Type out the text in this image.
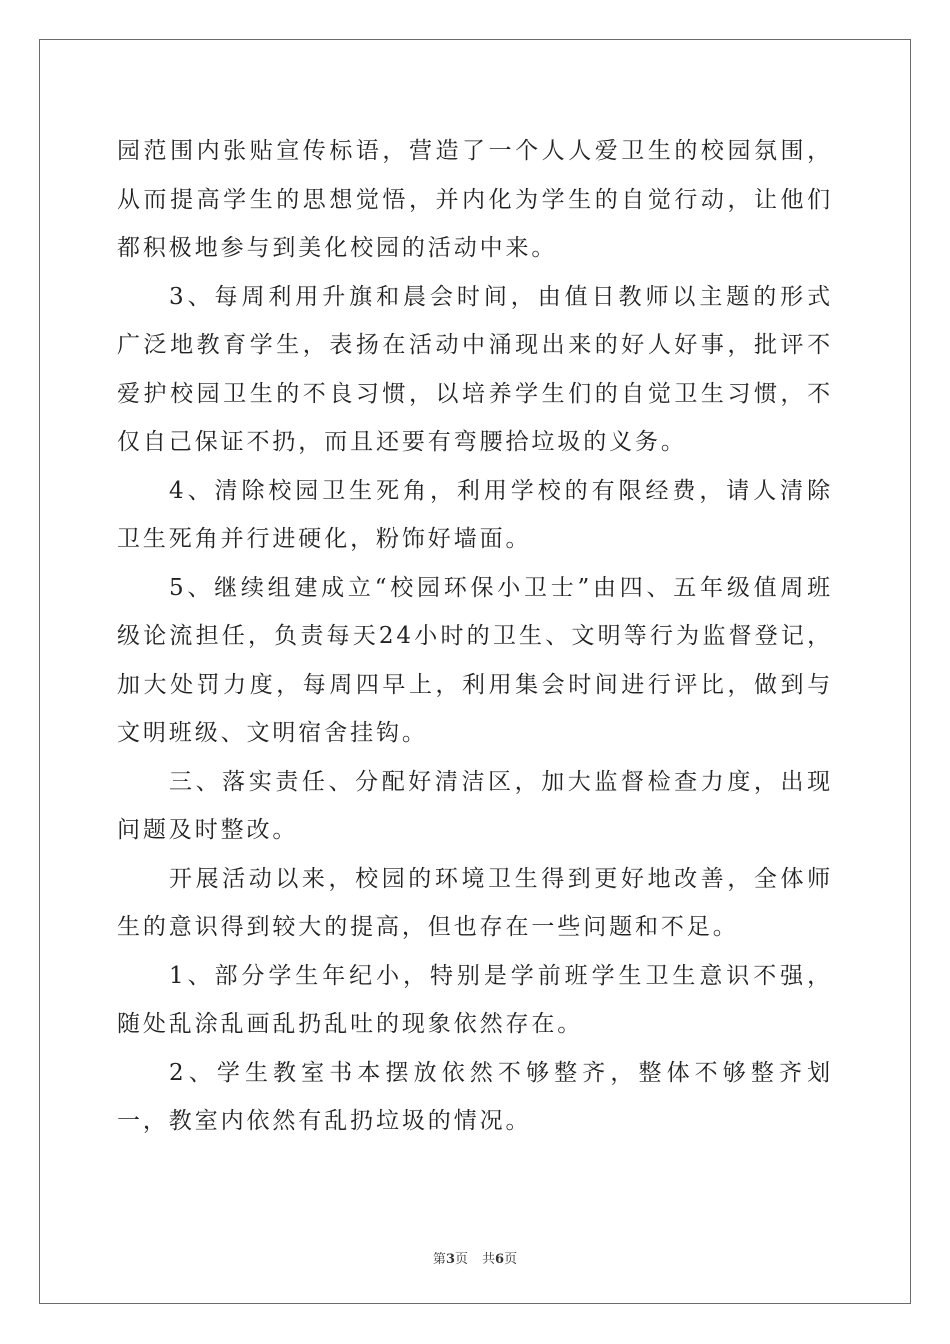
园范围内张贴宣传标语，营造了一个人人爱卫生的校园氛围，从而提高学生的思想觉悟，并内化为学生的自觉行动，让他们都积极地参与到美化校园的活动中来。

3、每周利用升旗和晨会时间，由值日教师以主题的形式广泛地教育学生，表扬在活动中涌现出来的好人好事，批评不爱护校园卫生的不良习惯，以培养学生们的自觉卫生习惯，不仅自己保证不扔，而且还要有弯腰拾垃圾的义务。

4、清除校园卫生死角，利用学校的有限经费，请人清除卫生死角并行进硬化，粉饰好墙面。

5、继续组建成立“校园环保小卫士”由四、五年级值周班级论流担任，负责每天24小时的卫生、文明等行为监督登记，加大处罚力度，每周四早上，利用集会时间进行评比，做到与文明班级、文明宿舍挂钩。

三、落实责任、分配好清洁区，加大监督检查力度，出现问题及时整改。

开展活动以来，校园的环境卫生得到更好地改善，全体师生的意识得到较大的提高，但也存在一些问题和不足。

1、部分学生年纪小，特别是学前班学生卫生意识不强，随处乱涂乱画乱扔乱吐的现象依然存在。

2、学生教室书本摆放依然不够整齐，整体不够整齐划一，教室内依然有乱扔垃圾的情况。

第3页 共6页
